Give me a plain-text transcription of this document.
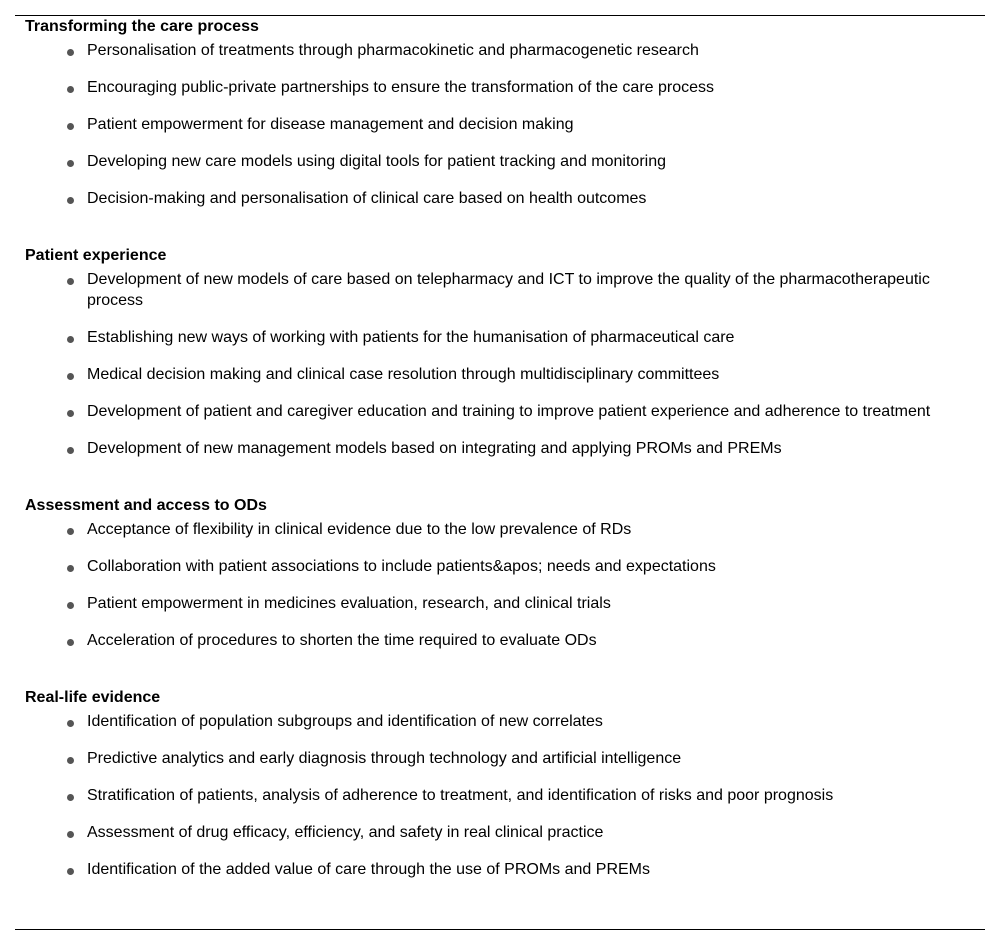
Transforming the care process
Personalisation of treatments through pharmacokinetic and pharmacogenetic research
Encouraging public-private partnerships to ensure the transformation of the care process
Patient empowerment for disease management and decision making
Developing new care models using digital tools for patient tracking and monitoring
Decision-making and personalisation of clinical care based on health outcomes
Patient experience
Development of new models of care based on telepharmacy and ICT to improve the quality of the pharmacotherapeutic process
Establishing new ways of working with patients for the humanisation of pharmaceutical care
Medical decision making and clinical case resolution through multidisciplinary committees
Development of patient and caregiver education and training to improve patient experience and adherence to treatment
Development of new management models based on integrating and applying PROMs and PREMs
Assessment and access to ODs
Acceptance of flexibility in clinical evidence due to the low prevalence of RDs
Collaboration with patient associations to include patients&apos; needs and expectations
Patient empowerment in medicines evaluation, research, and clinical trials
Acceleration of procedures to shorten the time required to evaluate ODs
Real-life evidence
Identification of population subgroups and identification of new correlates
Predictive analytics and early diagnosis through technology and artificial intelligence
Stratification of patients, analysis of adherence to treatment, and identification of risks and poor prognosis
Assessment of drug efficacy, efficiency, and safety in real clinical practice
Identification of the added value of care through the use of PROMs and PREMs
